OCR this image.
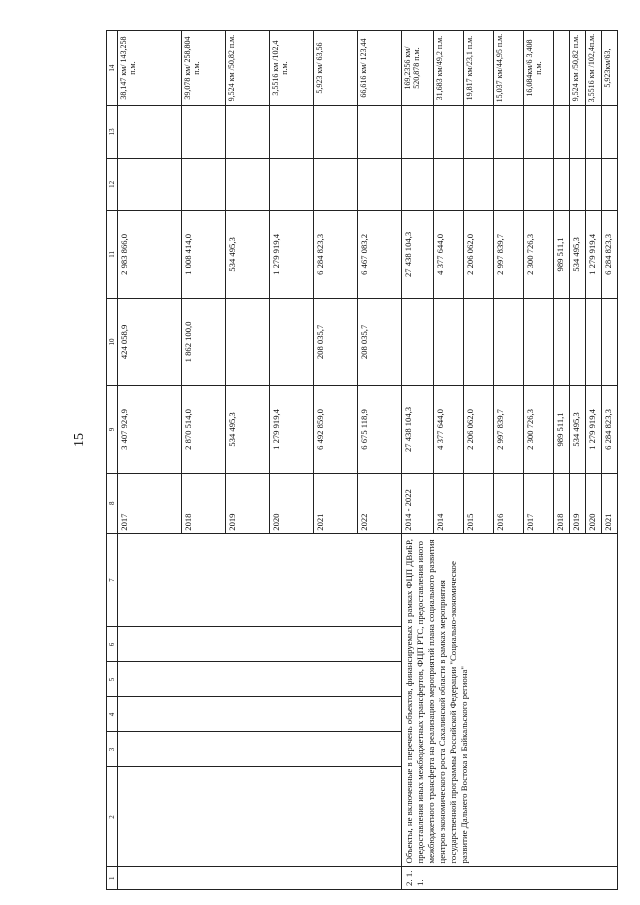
15
1	2	3	4	5	6	7	8	9	10	11	12	13	14
							2017	3 407 924,9	424 058,9	2 983 866,0			38,147 км/ 143,258 п.м.
							2018	2 870 514,0	1 862 100,0	1 008 414,0			39,078 км/ 258,804 п.м.
							2019	534 495,3		534 495,3			9,524 км /50,82 п.м.
							2020	1 279 919,4		1 279 919,4			3,5516 км /102,4 п.м.
							2021	6 492 859,0	208 035,7	6 284 823,3			5,923 км/ 63,56
							2022	6 675 118,9	208 035,7	6 467 083,2			66,616 км/ 123,44
2. 1. 1.	Объекты, не включенные в перечень объектов, финансируемых в рамках ФЦП ДВиБР, предоставления иных межбюджетных трансфертов, ФЦП РТС, предоставления иного межбюджетного трансферта на реализацию мероприятий плана социального развития центров экономического роста Сахалинской области в рамках мероприятия государственной программы Российской Федерации "Социально-экономическое развитие Дальнего Востока и Байкальского региона"						2014 - 2022	27 438 104,3		27 438 104,3			169,2356 км/ 520,878 п.м.
							2014	4 377 644,0		4 377 644,0			31,683 км/49,2 п.м.
							2015	2 206 062,0		2 206 062,0			19,817 км/23,1 п.м.
							2016	2 997 839,7		2 997 839,7			15,037 км/44,95 п.м.
							2017	2 300 726,3		2 300 726,3			16,084км/6 3,408 п.м.
							2018	989 511,1		989 511,1			
							2019	534 495,3		534 495,3			9,524 км /50,82 п.м.
							2020	1 279 919,4		1 279 919,4			3,5516 км /102,4п.м.
							2021	6 284 823,3		6 284 823,3			5,923км/63,
